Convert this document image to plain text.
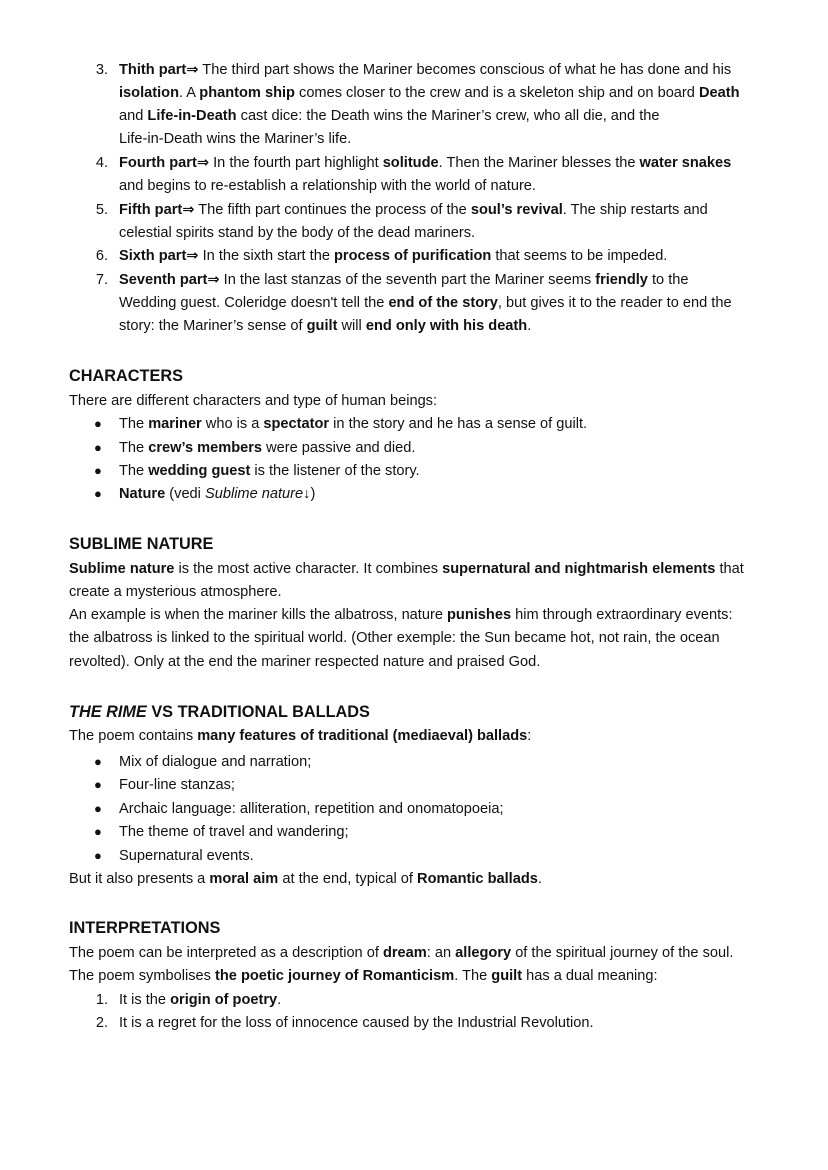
3. Thith part⇒ The third part shows the Mariner becomes conscious of what he has done and his
isolation. A phantom ship comes closer to the crew and is a skeleton ship and on board Death
and Life-in-Death cast dice: the Death wins the Mariner’s crew, who all die, and the
Life-in-Death wins the Mariner’s life.
4. Fourth part⇒ In the fourth part highlight solitude. Then the Mariner blesses the water snakes
and begins to re-establish a relationship with the world of nature.
5. Fifth part⇒ The fifth part continues the process of the soul’s revival. The ship restarts and
celestial spirits stand by the body of the dead mariners.
6. Sixth part⇒ In the sixth start the process of purification that seems to be impeded.
7. Seventh part⇒ In the last stanzas of the seventh part the Mariner seems friendly to the
Wedding guest. Coleridge doesn't tell the end of the story, but gives it to the reader to end the
story: the Mariner’s sense of guilt will end only with his death.
CHARACTERS
There are different characters and type of human beings:
● The mariner who is a spectator in the story and he has a sense of guilt.
● The crew’s members were passive and died.
● The wedding guest is the listener of the story.
● Nature (vedi Sublime nature↓)
SUBLIME NATURE
Sublime nature is the most active character. It combines supernatural and nightmarish elements that
create a mysterious atmosphere.
An example is when the mariner kills the albatross, nature punishes him through extraordinary events:
the albatross is linked to the spiritual world. (Other exemple: the Sun became hot, not rain, the ocean
revolted). Only at the end the mariner respected nature and praised God.
THE RIME VS TRADITIONAL BALLADS
The poem contains many features of traditional (mediaeval) ballads:
● Mix of dialogue and narration;
● Four-line stanzas;
● Archaic language: alliteration, repetition and onomatopoeia;
● The theme of travel and wandering;
● Supernatural events.
But it also presents a moral aim at the end, typical of Romantic ballads.
INTERPRETATIONS
The poem can be interpreted as a description of dream: an allegory of the spiritual journey of the soul.
The poem symbolises the poetic journey of Romanticism. The guilt has a dual meaning:
1. It is the origin of poetry.
2. It is a regret for the loss of innocence caused by the Industrial Revolution.
